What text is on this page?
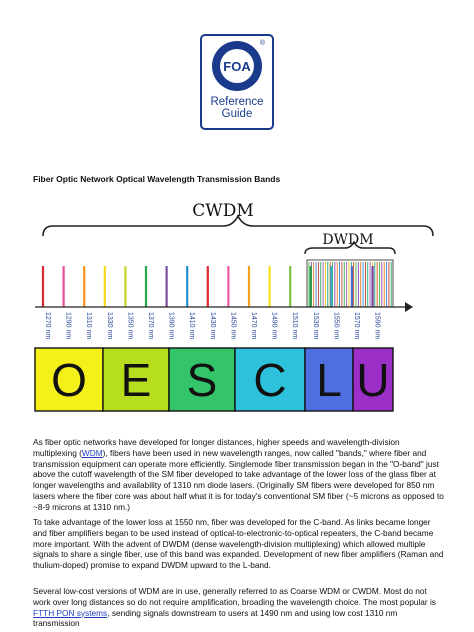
FOA
®
Reference
Guide
Fiber Optic Network Optical Wavelength Transmission Bands
CWDM
DWDM
1270 nm 1290 nm 1310 nm 1330 nm 1350 nm 1370 nm 1390 nm 1410 nm 1430 nm 1450 nm 1470 nm 1490 nm 1510 nm 1530 nm 1550 nm 1570 nm 1590 nm
O E S C L U

As fiber optic networks have developed for longer distances, higher speeds and wavelength-division multiplexing (WDM), fibers have been used in new wavelength ranges, now called "bands," where fiber and transmission equipment can operate more efficiently. Singlemode fiber transmission began in the "O-band" just above the cutoff wavelength of the SM fiber developed to take advantage of the lower loss of the glass fiber at longer wavelengths and availability of 1310 nm diode lasers. (Originally SM fibers were developed for 850 nm lasers where the fiber core was about half what it is for today's conventional SM fiber (~5 microns as opposed to ~8-9 microns at 1310 nm.)

To take advantage of the lower loss at 1550 nm, fiber was developed for the C-band. As links became longer and fiber amplifiers began to be used instead of optical-to-electronic-to-optical repeaters, the C-band became more important. With the advent of DWDM (dense wavelength-division multiplexing) which allowed multiple signals to share a single fiber, use of this band was expanded. Development of new fiber amplifiers (Raman and thulium-doped) promise to expand DWDM upward to the L-band.

Several low-cost versions of WDM are in use, generally referred to as Coarse WDM or CWDM. Most do not work over long distances so do not require amplification, broading the wavelength choice. The most popular is FTTH PON systems, sending signals downstream to users at 1490 nm and using low cost 1310 nm transmission
